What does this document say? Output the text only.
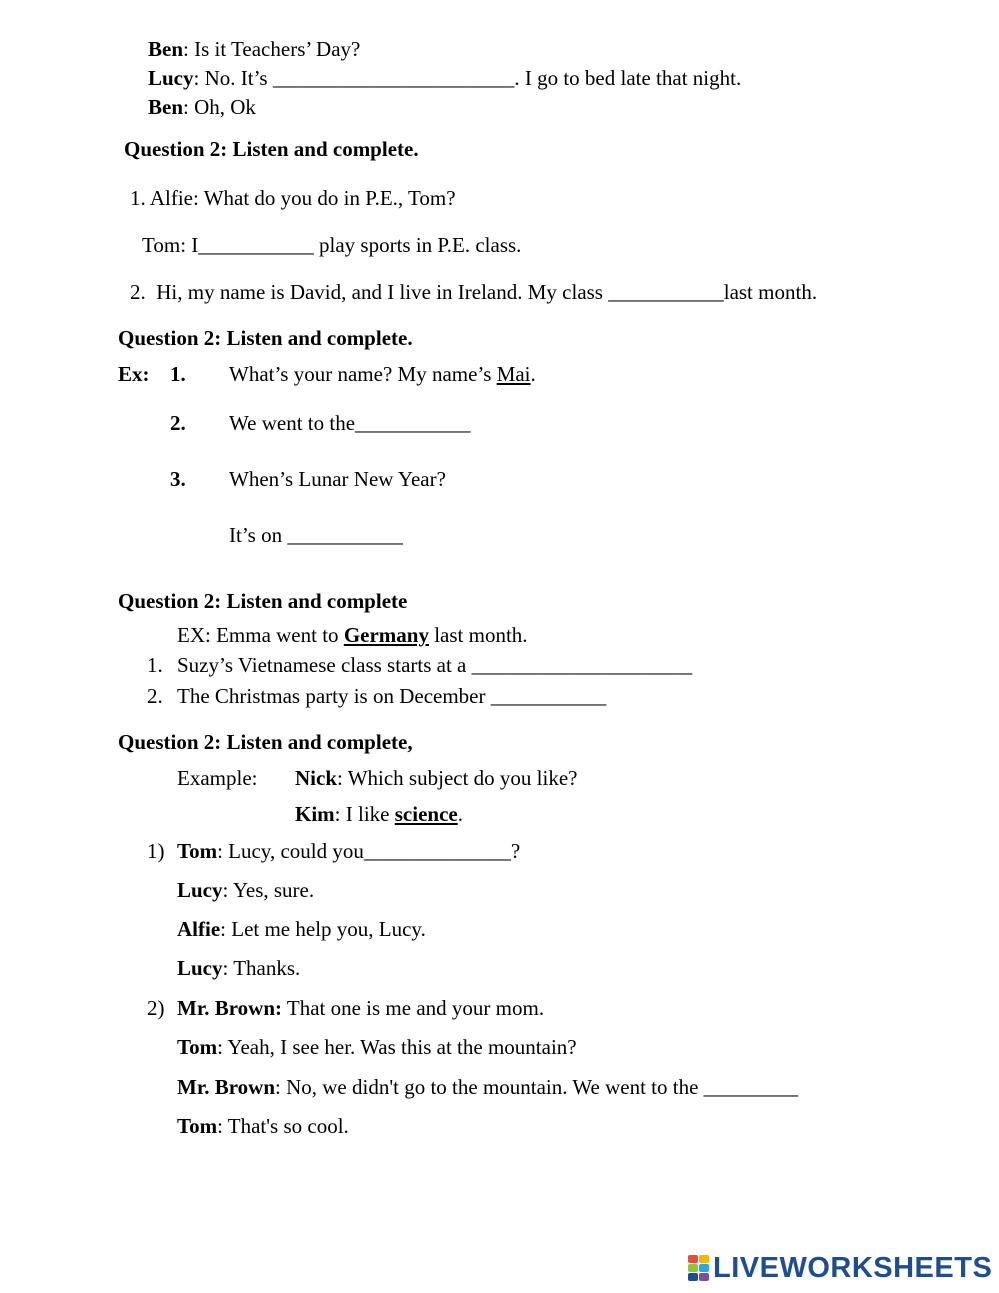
Ben: Is it Teachers’ Day?
Lucy: No. It’s _______________________. I go to bed late that night.
Ben: Oh, Ok
Question 2: Listen and complete.
1. Alfie: What do you do in P.E., Tom?
Tom: I___________ play sports in P.E. class.
2.  Hi, my name is David, and I live in Ireland. My class ___________last month.
Question 2: Listen and complete.
Ex: 1. What’s your name? My name’s Mai.
2. We went to the___________
3. When’s Lunar New Year?
It’s on ___________
Question 2: Listen and complete
EX: Emma went to Germany last month.
1. Suzy’s Vietnamese class starts at a _____________________
2. The Christmas party is on December ___________
Question 2: Listen and complete,
Example: Nick: Which subject do you like?
Kim: I like science.
1) Tom: Lucy, could you______________?
Lucy: Yes, sure.
Alfie: Let me help you, Lucy.
Lucy: Thanks.
2) Mr. Brown: That one is me and your mom.
Tom: Yeah, I see her. Was this at the mountain?
Mr. Brown: No, we didn't go to the mountain. We went to the _________
Tom: That's so cool.
LIVEWORKSHEETS
